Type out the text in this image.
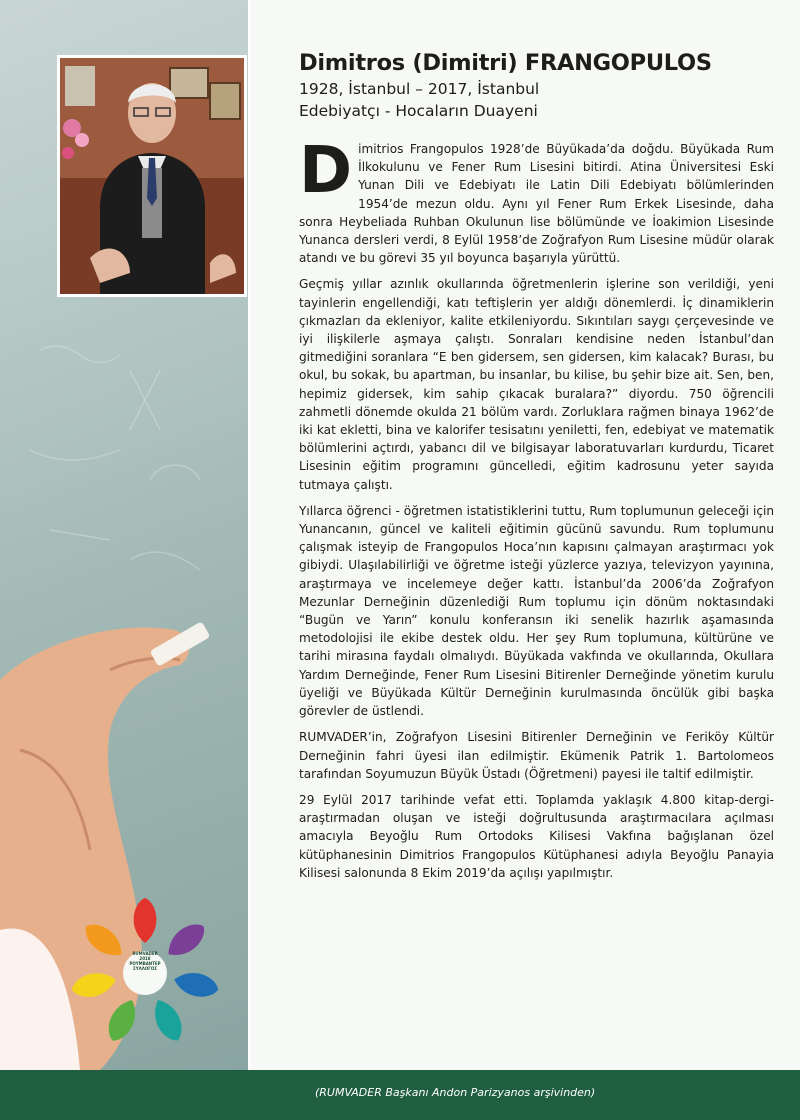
RUMVADER
2018
ΡΟΥΜΒΑΝΤΕΡ
ΣΥΛΛΟΓΟΣ
Dimitros (Dimitri) FRANGOPULOS
1928, İstanbul – 2017, İstanbul
Edebiyatçı - Hocaların Duayeni

Dimitrios Frangopulos 1928’de Büyükada’da doğdu. Büyükada Rum İlkokulunu ve Fener Rum Lisesini bitirdi. Atina Üniversitesi Eski Yunan Dili ve Edebiyatı ile Latin Dili Edebiyatı bölümlerinden 1954’de mezun oldu. Aynı yıl Fener Rum Erkek Lisesinde, daha sonra Heybeliada Ruhban Okulunun lise bölümünde ve İoakimion Lisesinde Yunanca dersleri verdi, 8 Eylül 1958’de Zoğrafyon Rum Lisesine müdür olarak atandı ve bu görevi 35 yıl boyunca başarıyla yürüttü.

Geçmiş yıllar azınlık okullarında öğretmenlerin işlerine son verildiği, yeni tayinlerin engellendiği, katı teftişlerin yer aldığı dönemlerdi. İç dinamiklerin çıkmazları da ekleniyor, kalite etkileniyordu. Sıkıntıları saygı çerçevesinde ve iyi ilişkilerle aşmaya çalıştı. Sonraları kendisine neden İstanbul’dan gitmediğini soranlara “E ben gidersem, sen gidersen, kim kalacak? Burası, bu okul, bu sokak, bu apartman, bu insanlar, bu kilise, bu şehir bize ait. Sen, ben, hepimiz gidersek, kim sahip çıkacak buralara?” diyordu. 750 öğrencili zahmetli dönemde okulda 21 bölüm vardı. Zorluklara rağmen binaya 1962’de iki kat ekletti, bina ve kalorifer tesisatını yeniletti, fen, edebiyat ve matematik bölümlerini açtırdı, yabancı dil ve bilgisayar laboratuvarları kurdurdu, Ticaret Lisesinin eğitim programını güncelledi, eğitim kadrosunu yeter sayıda tutmaya çalıştı.

Yıllarca öğrenci - öğretmen istatistiklerini tuttu, Rum toplumunun geleceği için Yunancanın, güncel ve kaliteli eğitimin gücünü savundu. Rum toplumunu çalışmak isteyip de Frangopulos Hoca’nın kapısını çalmayan araştırmacı yok gibiydi. Ulaşılabilirliği ve öğretme isteği yüzlerce yazıya, televizyon yayınına, araştırmaya ve incelemeye değer kattı. İstanbul’da 2006’da Zoğrafyon Mezunlar Derneğinin düzenlediği Rum toplumu için dönüm noktasındaki “Bugün ve Yarın” konulu konferansın iki senelik hazırlık aşamasında metodolojisi ile ekibe destek oldu. Her şey Rum toplumuna, kültürüne ve tarihi mirasına faydalı olmalıydı. Büyükada vakfında ve okullarında, Okullara Yardım Derneğinde, Fener Rum Lisesini Bitirenler Derneğinde yönetim kurulu üyeliği ve Büyükada Kültür Derneğinin kurulmasında öncülük gibi başka görevler de üstlendi.

RUMVADER’in, Zoğrafyon Lisesini Bitirenler Derneğinin ve Feriköy Kültür Derneğinin fahri üyesi ilan edilmiştir. Ekümenik Patrik 1. Bartolomeos tarafından Soyumuzun Büyük Üstadı (Öğretmeni) payesi ile taltif edilmiştir.

29 Eylül 2017 tarihinde vefat etti. Toplamda yaklaşık 4.800 kitap-dergi-araştırmadan oluşan ve isteği doğrultusunda araştırmacılara açılması amacıyla Beyoğlu Rum Ortodoks Kilisesi Vakfına bağışlanan özel kütüphanesinin Dimitrios Frangopulos Kütüphanesi adıyla Beyoğlu Panayia Kilisesi salonunda 8 Ekim 2019’da açılışı yapılmıştır.

(RUMVADER Başkanı Andon Parizyanos arşivinden)
